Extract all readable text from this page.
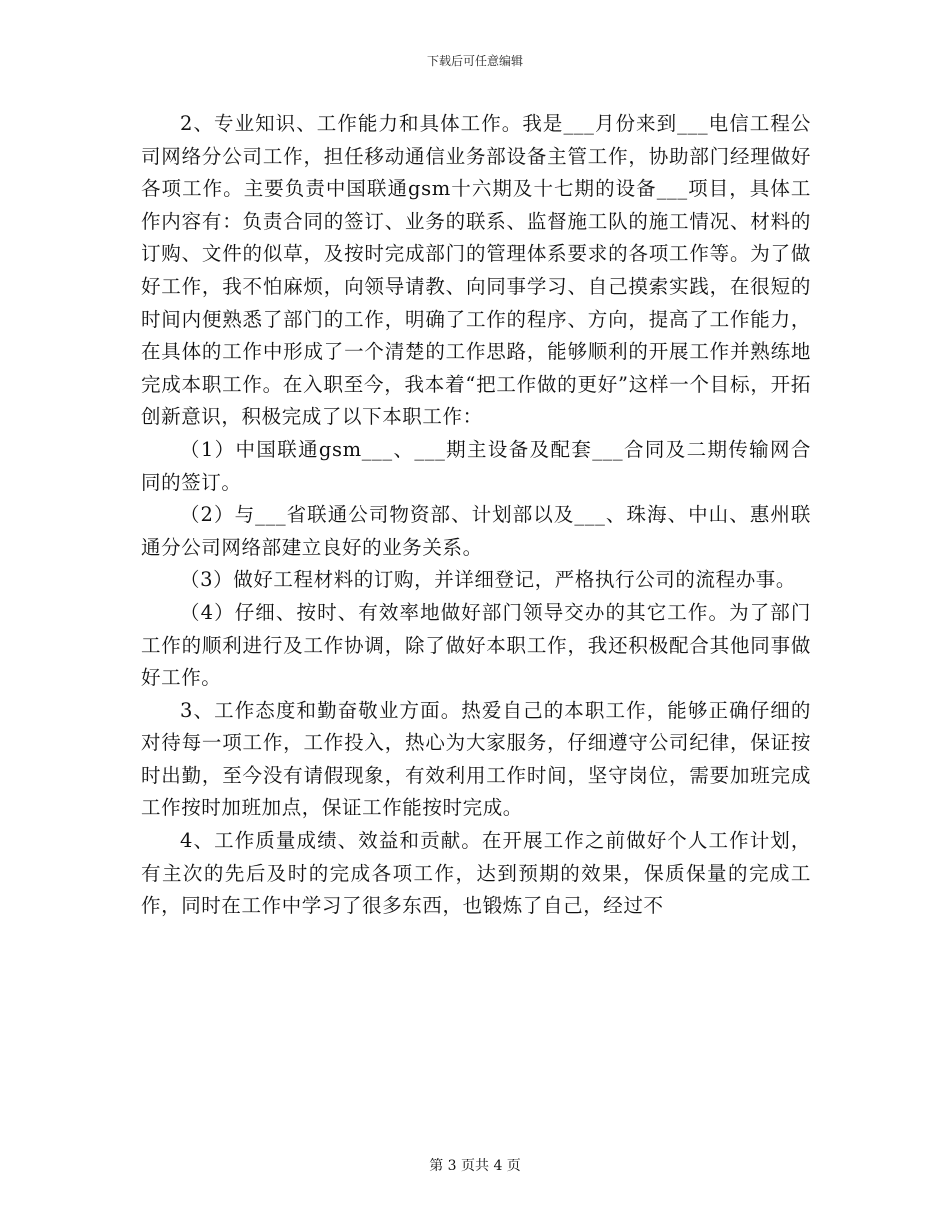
下载后可任意编辑

2、专业知识、工作能力和具体工作。我是___月份来到___电信工程公司网络分公司工作，担任移动通信业务部设备主管工作，协助部门经理做好各项工作。主要负责中国联通gsm十六期及十七期的设备___项目，具体工作内容有：负责合同的签订、业务的联系、监督施工队的施工情况、材料的订购、文件的似草，及按时完成部门的管理体系要求的各项工作等。为了做好工作，我不怕麻烦，向领导请教、向同事学习、自己摸索实践，在很短的时间内便熟悉了部门的工作，明确了工作的程序、方向，提高了工作能力，在具体的工作中形成了一个清楚的工作思路，能够顺利的开展工作并熟练地完成本职工作。在入职至今，我本着“把工作做的更好”这样一个目标，开拓创新意识，积极完成了以下本职工作：

（1）中国联通gsm___、___期主设备及配套___合同及二期传输网合同的签订。

（2）与___省联通公司物资部、计划部以及___、珠海、中山、惠州联通分公司网络部建立良好的业务关系。

（3）做好工程材料的订购，并详细登记，严格执行公司的流程办事。

（4）仔细、按时、有效率地做好部门领导交办的其它工作。为了部门工作的顺利进行及工作协调，除了做好本职工作，我还积极配合其他同事做好工作。

3、工作态度和勤奋敬业方面。热爱自己的本职工作，能够正确仔细的对待每一项工作，工作投入，热心为大家服务，仔细遵守公司纪律，保证按时出勤，至今没有请假现象，有效利用工作时间，坚守岗位，需要加班完成工作按时加班加点，保证工作能按时完成。

4、工作质量成绩、效益和贡献。在开展工作之前做好个人工作计划，有主次的先后及时的完成各项工作，达到预期的效果，保质保量的完成工作，同时在工作中学习了很多东西，也锻炼了自己，经过不

第 3 页共 4 页
